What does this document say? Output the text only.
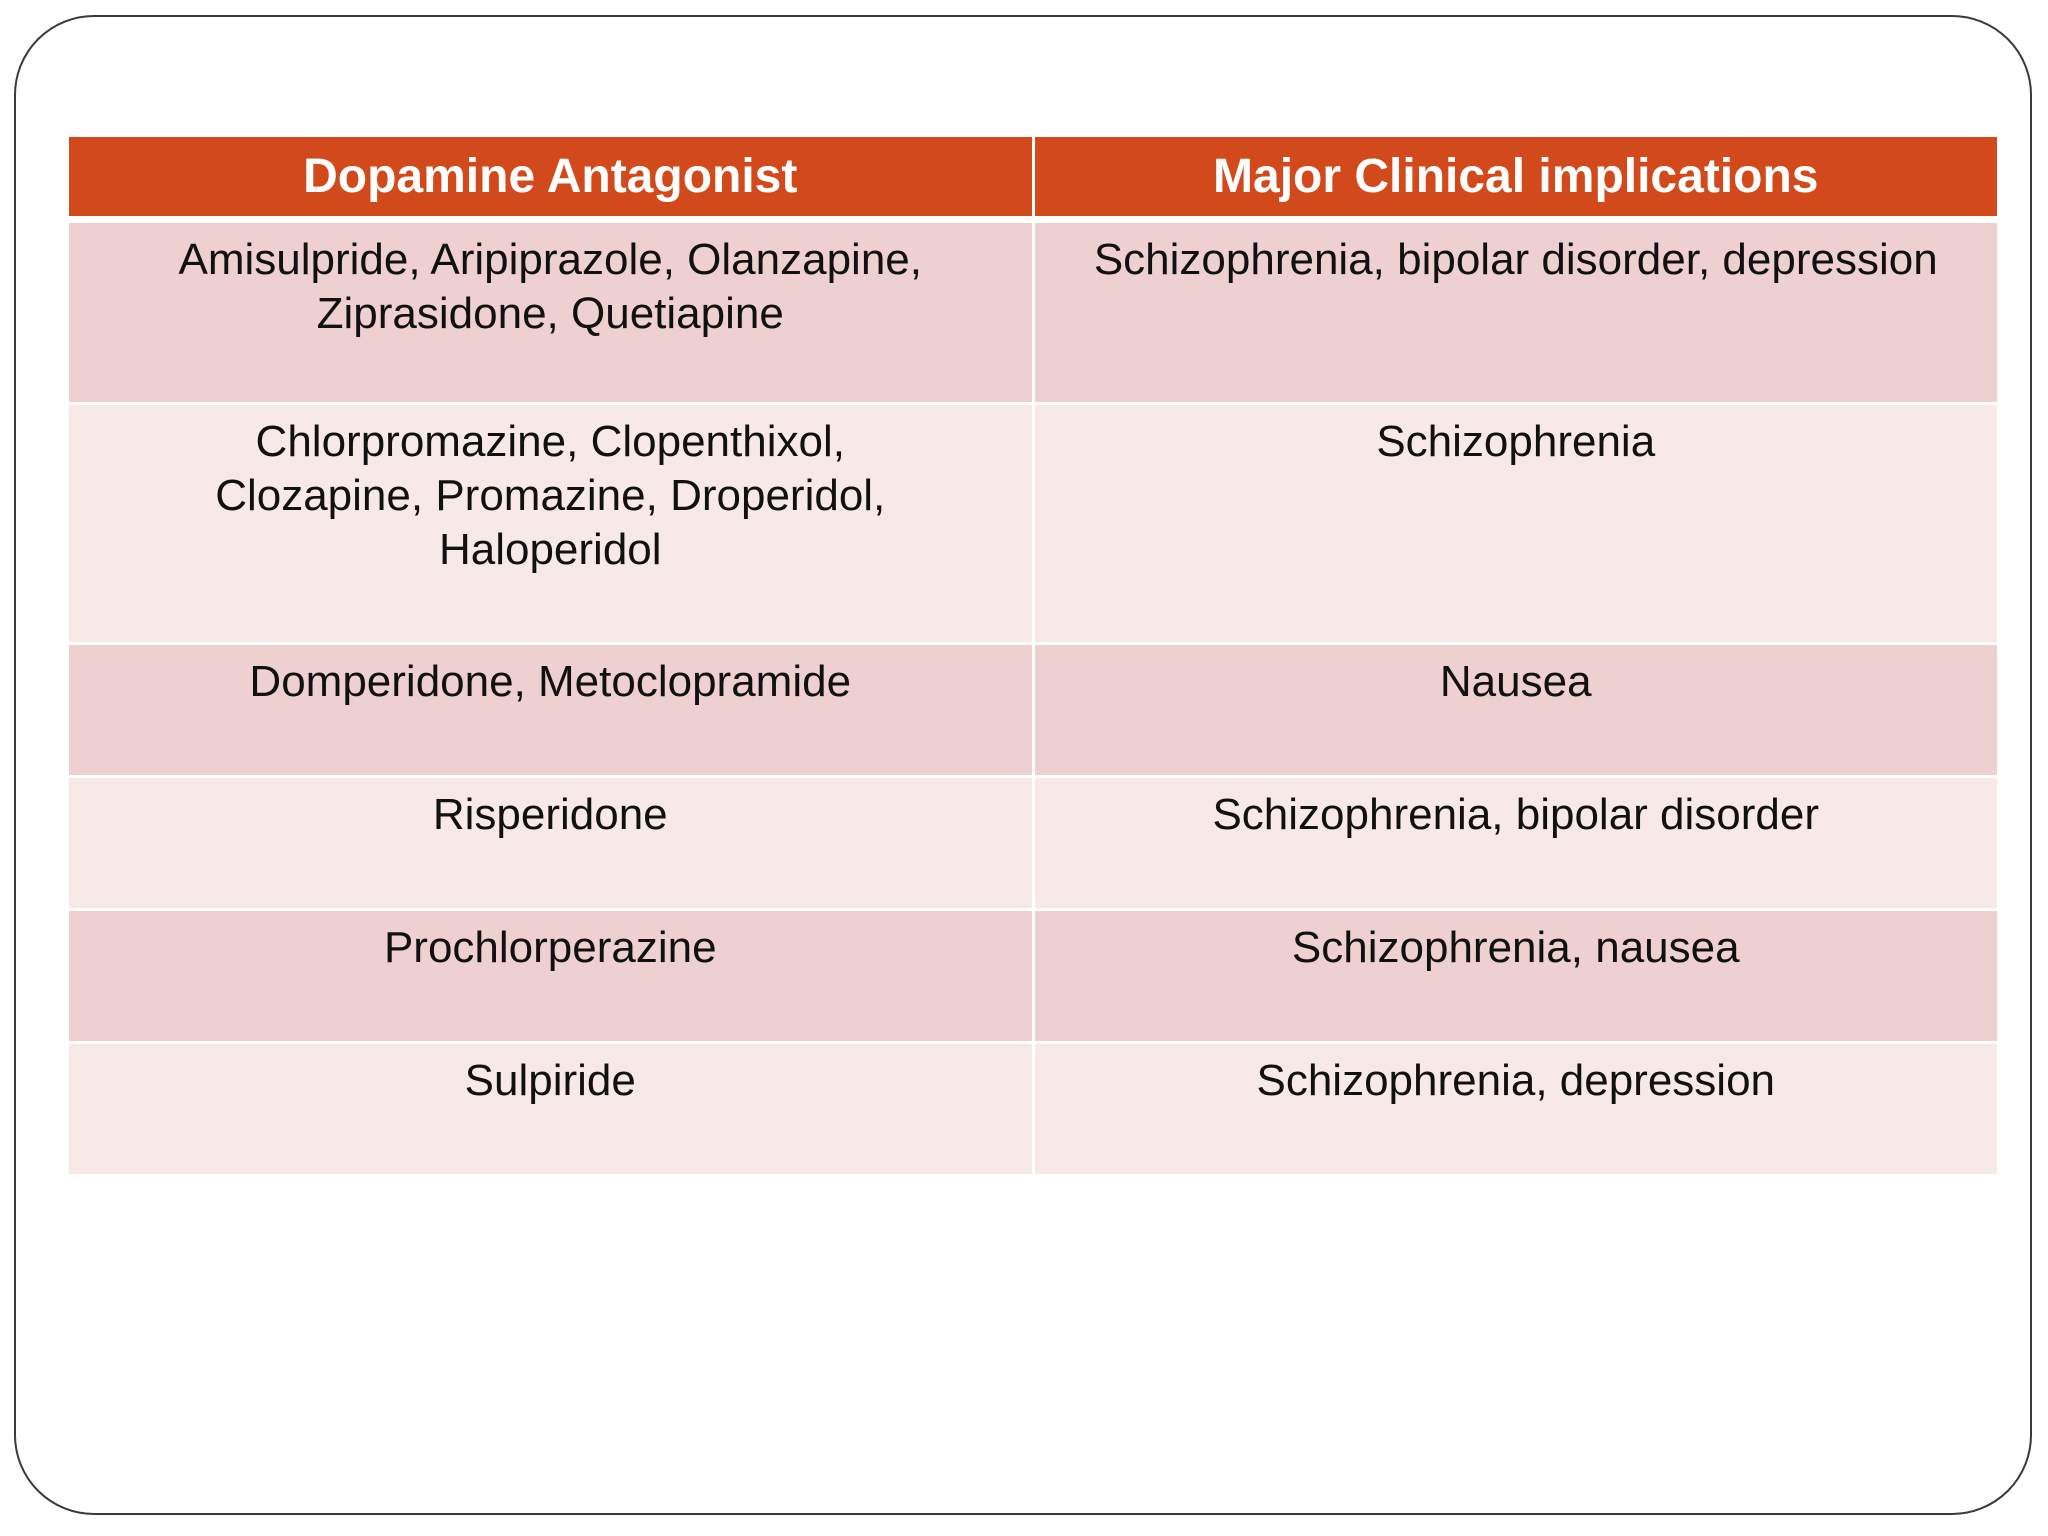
Dopamine Antagonist	Major Clinical implications
Amisulpride, Aripiprazole, Olanzapine, Ziprasidone, Quetiapine	Schizophrenia, bipolar disorder, depression
Chlorpromazine, Clopenthixol, Clozapine, Promazine, Droperidol, Haloperidol	Schizophrenia
Domperidone, Metoclopramide	Nausea
Risperidone	Schizophrenia, bipolar disorder
Prochlorperazine	Schizophrenia, nausea
Sulpiride	Schizophrenia, depression
